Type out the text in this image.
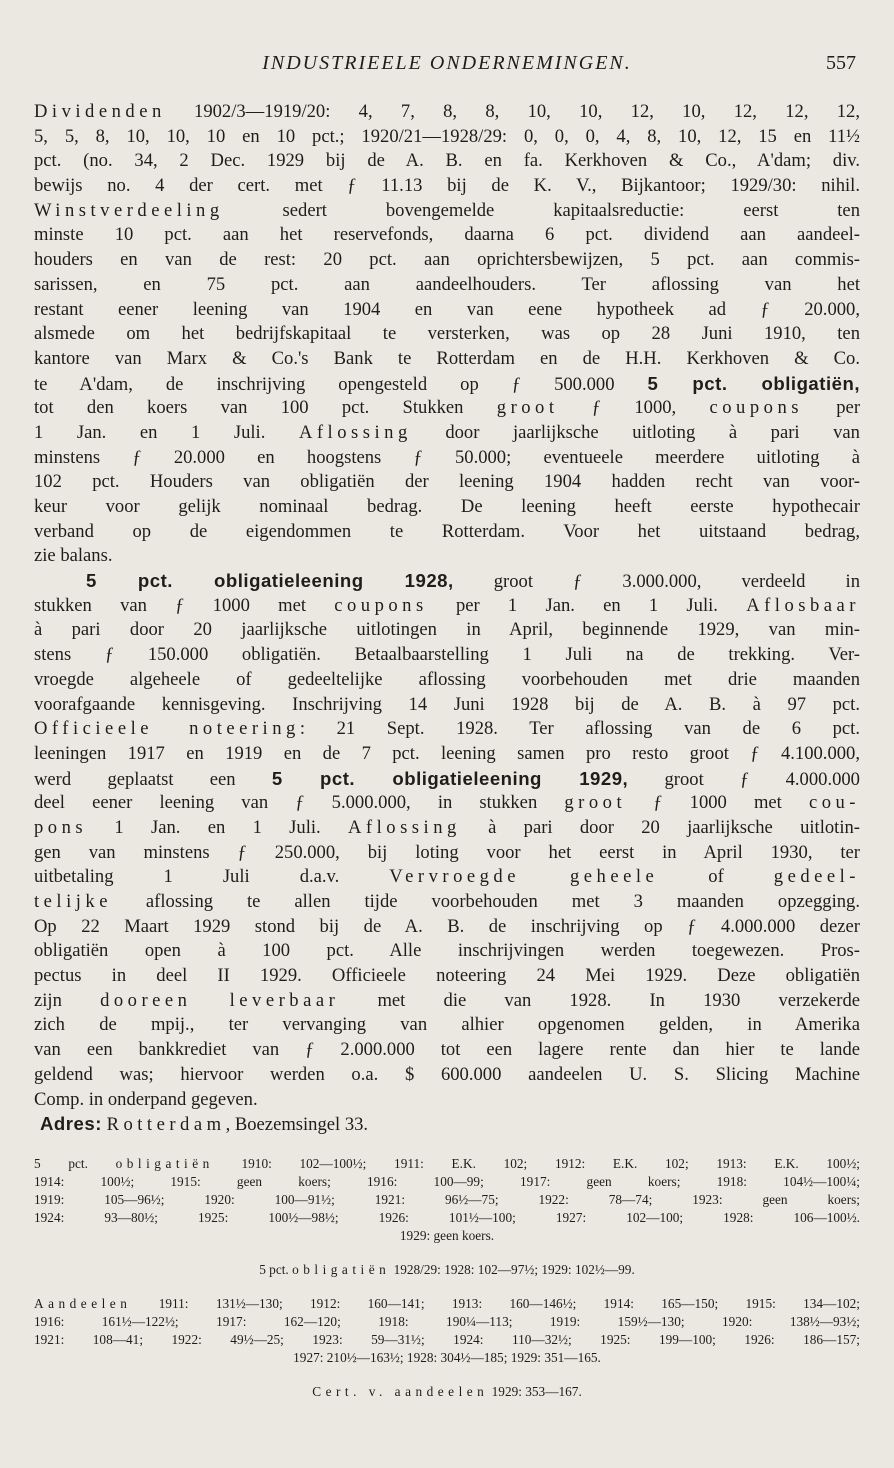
INDUSTRIEELE ONDERNEMINGEN.	557
Dividenden 1902/3—1919/20: 4, 7, 8, 8, 10, 10, 12, 10, 12, 12, 12,
5, 5, 8, 10, 10, 10 en 10 pct.; 1920/21—1928/29: 0, 0, 0, 4, 8, 10, 12, 15 en 11½
pct. (no. 34, 2 Dec. 1929 bij de A. B. en fa. Kerkhoven & Co., A'dam; div.
bewijs no. 4 der cert. met ƒ 11.13 bij de K. V., Bijkantoor; 1929/30: nihil.
Winstverdeeling sedert bovengemelde kapitaalsreductie: eerst ten
minste 10 pct. aan het reservefonds, daarna 6 pct. dividend aan aandeel-
houders en van de rest: 20 pct. aan oprichtersbewijzen, 5 pct. aan commis-
sarissen, en 75 pct. aan aandeelhouders. Ter aflossing van het
restant eener leening van 1904 en van eene hypotheek ad ƒ 20.000,
alsmede om het bedrijfskapitaal te versterken, was op 28 Juni 1910, ten
kantore van Marx & Co.'s Bank te Rotterdam en de H.H. Kerkhoven & Co.
te A'dam, de inschrijving opengesteld op ƒ 500.000 5 pct. obligatiën,
tot den koers van 100 pct. Stukken groot ƒ 1000, coupons per
1 Jan. en 1 Juli. Aflossing door jaarlijksche uitloting à pari van
minstens ƒ 20.000 en hoogstens ƒ 50.000; eventueele meerdere uitloting à
102 pct. Houders van obligatiën der leening 1904 hadden recht van voor-
keur voor gelijk nominaal bedrag. De leening heeft eerste hypothecair
verband op de eigendommen te Rotterdam. Voor het uitstaand bedrag,
zie balans.
5 pct. obligatieleening 1928, groot ƒ 3.000.000, verdeeld in
stukken van ƒ 1000 met coupons per 1 Jan. en 1 Juli. Aflosbaar
à pari door 20 jaarlijksche uitlotingen in April, beginnende 1929, van min-
stens ƒ 150.000 obligatiën. Betaalbaarstelling 1 Juli na de trekking. Ver-
vroegde algeheele of gedeeltelijke aflossing voorbehouden met drie maanden
voorafgaande kennisgeving. Inschrijving 14 Juni 1928 bij de A. B. à 97 pct.
Officieele noteering: 21 Sept. 1928. Ter aflossing van de 6 pct.
leeningen 1917 en 1919 en de 7 pct. leening samen pro resto groot ƒ 4.100.000,
werd geplaatst een 5 pct. obligatieleening 1929, groot ƒ 4.000.000
deel eener leening van ƒ 5.000.000, in stukken groot ƒ 1000 met cou-
pons 1 Jan. en 1 Juli. Aflossing à pari door 20 jaarlijksche uitlotin-
gen van minstens ƒ 250.000, bij loting voor het eerst in April 1930, ter
uitbetaling 1 Juli d.a.v. Vervroegde	geheele of gedeel-
telijke aflossing te allen tijde voorbehouden met 3 maanden opzegging.
Op 22 Maart 1929 stond bij de A. B. de inschrijving op ƒ 4.000.000 dezer
obligatiën open à 100 pct. Alle inschrijvingen werden toegewezen. Pros-
pectus in deel II 1929. Officieele noteering 24 Mei 1929. Deze obligatiën
zijn dooreen leverbaar met die van 1928. In 1930 verzekerde
zich de mpij., ter vervanging van alhier opgenomen gelden, in Amerika
van een bankkrediet van ƒ 2.000.000 tot een lagere rente dan hier te lande
geldend was; hiervoor werden o.a. $ 600.000 aandeelen U. S. Slicing Machine
Comp. in onderpand gegeven.
Adres: Rotterdam, Boezemsingel 33.
5 pct. obligatiën 1910: 102—100½; 1911: E.K. 102; 1912: E.K. 102; 1913: E.K. 100½;
1914: 100½; 1915: geen koers; 1916: 100—99; 1917: geen koers; 1918: 104½—100¼;
1919: 105—96½; 1920: 100—91½; 1921: 96½—75; 1922: 78—74; 1923: geen koers;
1924: 93—80½; 1925: 100½—98½; 1926: 101½—100; 1927: 102—100; 1928: 106—100½.
1929: geen koers.
5 pct. obligatiën 1928/29: 1928: 102—97½; 1929: 102½—99.
Aandeelen 1911: 131½—130; 1912: 160—141; 1913: 160—146½; 1914: 165—150; 1915: 134—102;
1916: 161½—122½; 1917: 162—120; 1918: 190¼—113; 1919: 159½—130; 1920: 138½—93½;
1921: 108—41; 1922: 49½—25; 1923: 59—31½; 1924: 110—32½; 1925: 199—100; 1926: 186—157;
1927: 210½—163½; 1928: 304½—185; 1929: 351—165.
Cert. v. aandeelen 1929: 353—167.
